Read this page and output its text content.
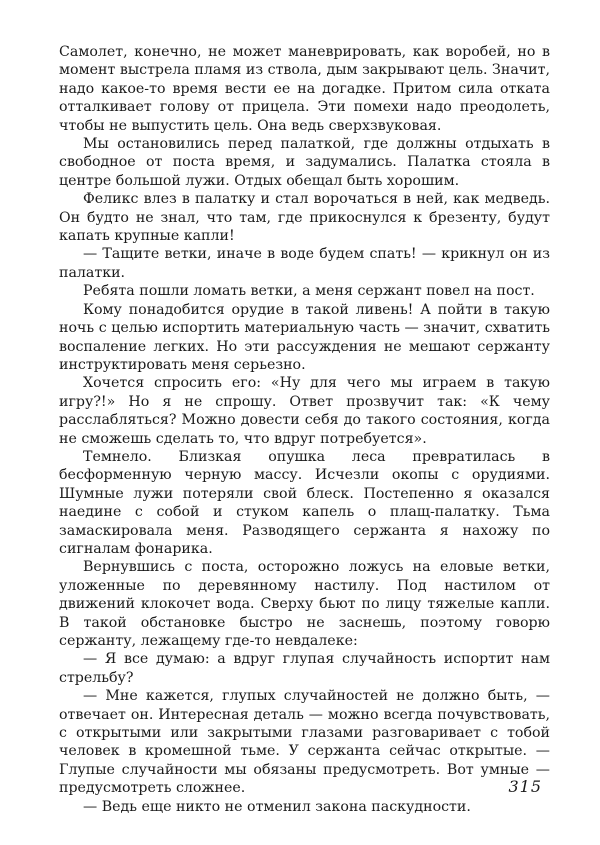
Самолет, конечно, не может маневрировать, как воробей, но в момент выстрела пламя из ствола, дым закрывают цель. Значит, надо какое-то время вести ее на догадке. Притом сила отката отталкивает голову от прицела. Эти помехи надо преодолеть, чтобы не выпустить цель. Она ведь сверхзвуковая.

Мы остановились перед палаткой, где должны отдыхать в свободное от поста время, и задумались. Палатка стояла в центре большой лужи. Отдых обещал быть хорошим.

Феликс влез в палатку и стал ворочаться в ней, как медведь. Он будто не знал, что там, где прикоснулся к брезенту, будут капать крупные капли!

— Тащите ветки, иначе в воде будем спать! — крикнул он из палатки.

Ребята пошли ломать ветки, а меня сержант повел на пост.

Кому понадобится орудие в такой ливень! А пойти в такую ночь с целью испортить материальную часть — значит, схватить воспаление легких. Но эти рассуждения не мешают сержанту инструктировать меня серьезно.

Хочется спросить его: «Ну для чего мы играем в такую игру?!» Но я не спрошу. Ответ прозвучит так: «К чему расслабляться? Можно довести себя до такого состояния, когда не сможешь сделать то, что вдруг потребуется».

Темнело. Близкая опушка леса превратилась в бесформенную черную массу. Исчезли окопы с орудиями. Шумные лужи потеряли свой блеск. Постепенно я оказался наедине с собой и стуком капель о плащ-палатку. Тьма замаскировала меня. Разводящего сержанта я нахожу по сигналам фонарика.

Вернувшись с поста, осторожно ложусь на еловые ветки, уложенные по деревянному настилу. Под настилом от движений клокочет вода. Сверху бьют по лицу тяжелые капли. В такой обстановке быстро не заснешь, поэтому говорю сержанту, лежащему где-то невдалеке:

— Я все думаю: а вдруг глупая случайность испортит нам стрельбу?

— Мне кажется, глупых случайностей не должно быть, — отвечает он. Интересная деталь — можно всегда почувствовать, с открытыми или закрытыми глазами разговаривает с тобой человек в кромешной тьме. У сержанта сейчас открытые. — Глупые случайности мы обязаны предусмотреть. Вот умные — предусмотреть сложнее.

— Ведь еще никто не отменил закона паскудности.

315
